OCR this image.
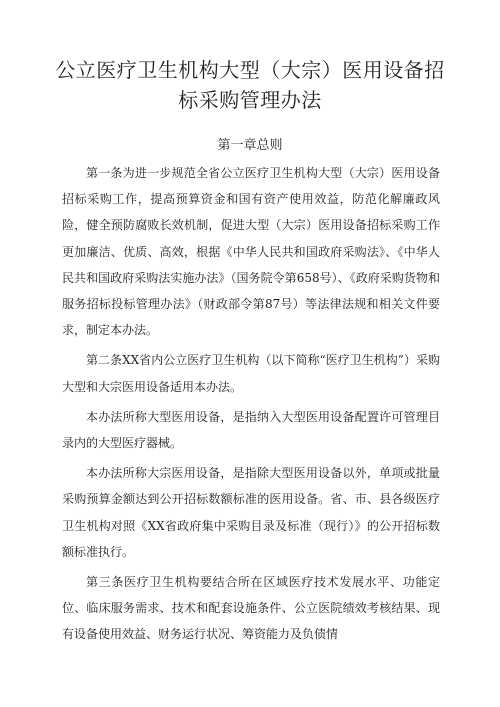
公立医疗卫生机构大型（大宗）医用设备招
标采购管理办法
第一章总则

第一条为进一步规范全省公立医疗卫生机构大型（大宗）医用设备招标采购工作，提高预算资金和国有资产使用效益，防范化解廉政风险，健全预防腐败长效机制，促进大型（大宗）医用设备招标采购工作更加廉洁、优质、高效，根据《中华人民共和国政府采购法》、《中华人民共和国政府采购法实施办法》（国务院令第658号）、《政府采购货物和服务招标投标管理办法》（财政部令第87号）等法律法规和相关文件要求，制定本办法。

第二条XX省内公立医疗卫生机构（以下简称“医疗卫生机构”）采购大型和大宗医用设备适用本办法。

本办法所称大型医用设备，是指纳入大型医用设备配置许可管理目录内的大型医疗器械。

本办法所称大宗医用设备，是指除大型医用设备以外，单项或批量采购预算金额达到公开招标数额标准的医用设备。省、市、县各级医疗卫生机构对照《XX省政府集中采购目录及标准（现行）》的公开招标数额标准执行。

第三条医疗卫生机构要结合所在区域医疗技术发展水平、功能定位、临床服务需求、技术和配套设施条件、公立医院绩效考核结果、现有设备使用效益、财务运行状况、筹资能力及负债情
